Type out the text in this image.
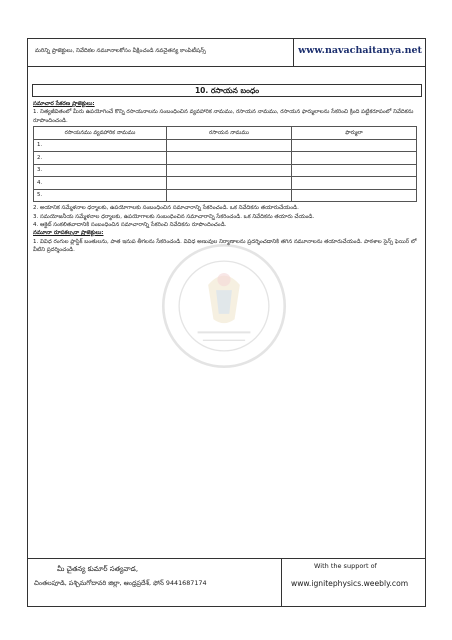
మరిన్ని ప్రాజెక్టులు, నివేదికల నమూనాలకోసం వీక్షించండి నవచైతన్య కాంపిటీషన్స్	www.navachaitanya.net
10. రసాయన బంధం

సమాచార సేకరణ ప్రాజెక్టులు:

1. నిత్యజీవితంలో మీరు ఉపయోగించే కొన్ని రసాయనాలను సంబంధించిన వ్యవహారిక నామము, రసాయన నామము, రసాయన ఫార్ములాలను సేకరించి క్రింది పట్టికరూపంలో నివేదికను రూపొందించండి.

రసాయనము వ్యవహారిక నామము	రసాయన నామము	ఫార్ములా
1.		
2.		
3.		
4.		
5.		

2. అయానిక సమ్మేళనాల ధర్మాలకు, ఉపయోగాలకు సంబంధించిన సమాచారాన్ని సేకరించండి. ఒక నివేదికను తయారుచేయండి.

3. సమయోజనీయ సమ్మేళనాల ధర్మాలకు, ఉపయోగాలకు సంబంధించిన సమాచారాన్ని సేకరించండి. ఒక నివేదికను తయారు చేయండి.

4. ఆక్టెట్ సంకలితవాదానికి సంబంధించిన సమాచారాన్ని సేకరించి నివేదికను రూపొందించండి.

నమూనా రూపకల్పనా ప్రాజెక్టులు:

1. వివిధ రంగుల ప్లాస్టిక్ బంతులను, పాత ఇనుప తీగలను సేకరించండి. వివిధ అణువుల నిర్మాణాలను ప్రదర్శించడానికి తగిన నమూనాలను తయారుచేయండి. పాఠశాల సైన్స్ ఫెయిర్ లో వీటిని ప్రదర్శించండి.

మీ చైతన్య కుమార్ సత్యవాడ,
చింతలపూడి, పశ్చిమగోదావరి జిల్లా, ఆంధ్రప్రదేశ్, ఫోన్ 9441687174
With the support of
www.ignitephysics.weebly.com
